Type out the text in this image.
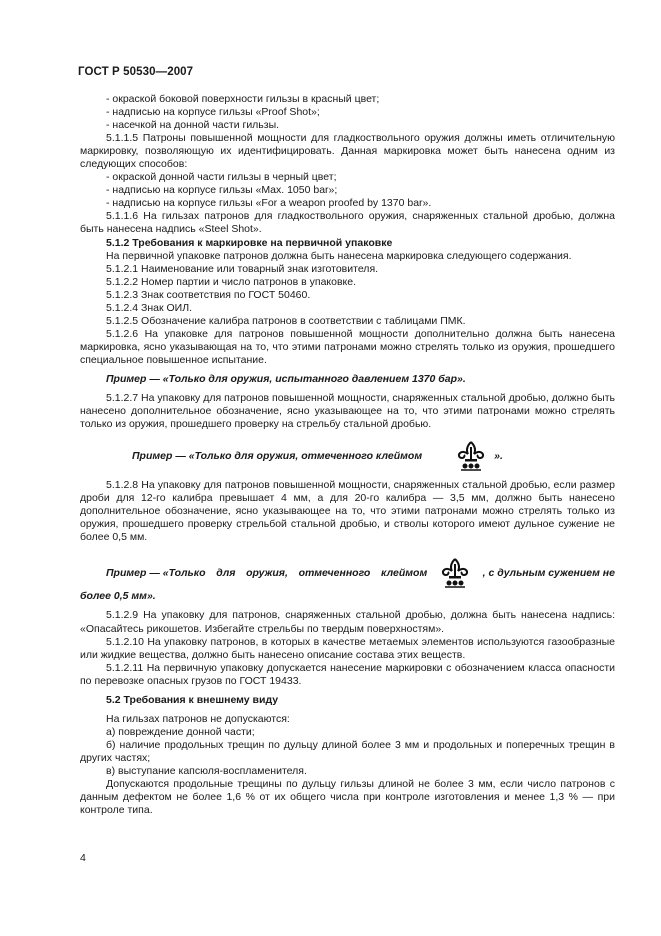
ГОСТ Р 50530—2007

- окраской боковой поверхности гильзы в красный цвет;

- надписью на корпусе гильзы «Proof Shot»;

- насечкой на донной части гильзы.

5.1.1.5 Патроны повышенной мощности для гладкоствольного оружия должны иметь отличительную маркировку, позволяющую их идентифицировать. Данная маркировка может быть нанесена одним из следующих способов:

- окраской донной части гильзы в черный цвет;

- надписью на корпусе гильзы «Max. 1050 bar»;

- надписью на корпусе гильзы «For a weapon proofed by 1370 bar».

5.1.1.6 На гильзах патронов для гладкоствольного оружия, снаряженных стальной дробью, должна быть нанесена надпись «Steel Shot».

5.1.2 Требования к маркировке на первичной упаковке

На первичной упаковке патронов должна быть нанесена маркировка следующего содержания.

5.1.2.1 Наименование или товарный знак изготовителя.

5.1.2.2 Номер партии и число патронов в упаковке.

5.1.2.3 Знак соответствия по ГОСТ 50460.

5.1.2.4 Знак ОИЛ.

5.1.2.5 Обозначение калибра патронов в соответствии с таблицами ПМК.

5.1.2.6 На упаковке для патронов повышенной мощности дополнительно должна быть нанесена маркировка, ясно указывающая на то, что этими патронами можно стрелять только из оружия, прошедшего специальное повышенное испытание.

Пример — «Только для оружия, испытанного давлением 1370 бар».

5.1.2.7 На упаковку для патронов повышенной мощности, снаряженных стальной дробью, должно быть нанесено дополнительное обозначение, ясно указывающее на то, что этими патронами можно стрелять только из оружия, прошедшего проверку на стрельбу стальной дробью.

Пример — «Только для оружия, отмеченного клеймом	».

5.1.2.8 На упаковку для патронов повышенной мощности, снаряженных стальной дробью, если размер дроби для 12-го калибра превышает 4 мм, а для 20-го калибра — 3,5 мм, должно быть нанесено дополнительное обозначение, ясно указывающее на то, что этими патронами можно стрелять только из оружия, прошедшего проверку стрельбой стальной дробью, и стволы которого имеют дульное сужение не более 0,5 мм.

Пример — «Только для оружия, отмеченного клеймом	, с дульным сужением не

более 0,5 мм».

5.1.2.9 На упаковку для патронов, снаряженных стальной дробью, должна быть нанесена надпись: «Опасайтесь рикошетов. Избегайте стрельбы по твердым поверхностям».

5.1.2.10 На упаковку патронов, в которых в качестве метаемых элементов используются газообразные или жидкие вещества, должно быть нанесено описание состава этих веществ.

5.1.2.11 На первичную упаковку допускается нанесение маркировки с обозначением класса опасности по перевозке опасных грузов по ГОСТ 19433.

5.2 Требования к внешнему виду

На гильзах патронов не допускаются:

а) повреждение донной части;

б) наличие продольных трещин по дульцу длиной более 3 мм и продольных и поперечных трещин в других частях;

в) выступание капсюля-воспламенителя.

Допускаются продольные трещины по дульцу гильзы длиной не более 3 мм, если число патронов с данным дефектом не более 1,6 % от их общего числа при контроле изготовления и менее 1,3 % — при контроле типа.

4
